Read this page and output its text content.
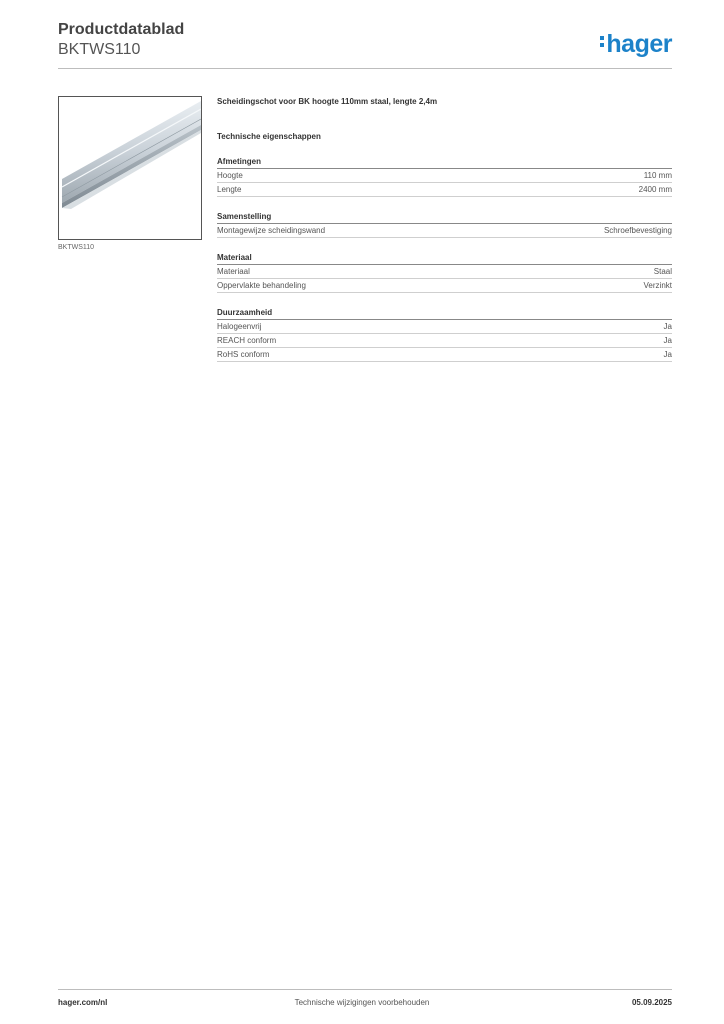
Productdatablad
BKTWS110	hager
BKTWS110
Scheidingschot voor BK hoogte 110mm staal, lengte 2,4m
Technische eigenschappen
Afmetingen
Hoogte	110 mm
Lengte	2400 mm
Samenstelling
Montagewijze scheidingswand	Schroefbevestiging
Materiaal
Materiaal	Staal
Oppervlakte behandeling	Verzinkt
Duurzaamheid
Halogeenvrij	Ja
REACH conform	Ja
RoHS conform	Ja
hager.com/nl	Technische wijzigingen voorbehouden	05.09.2025
